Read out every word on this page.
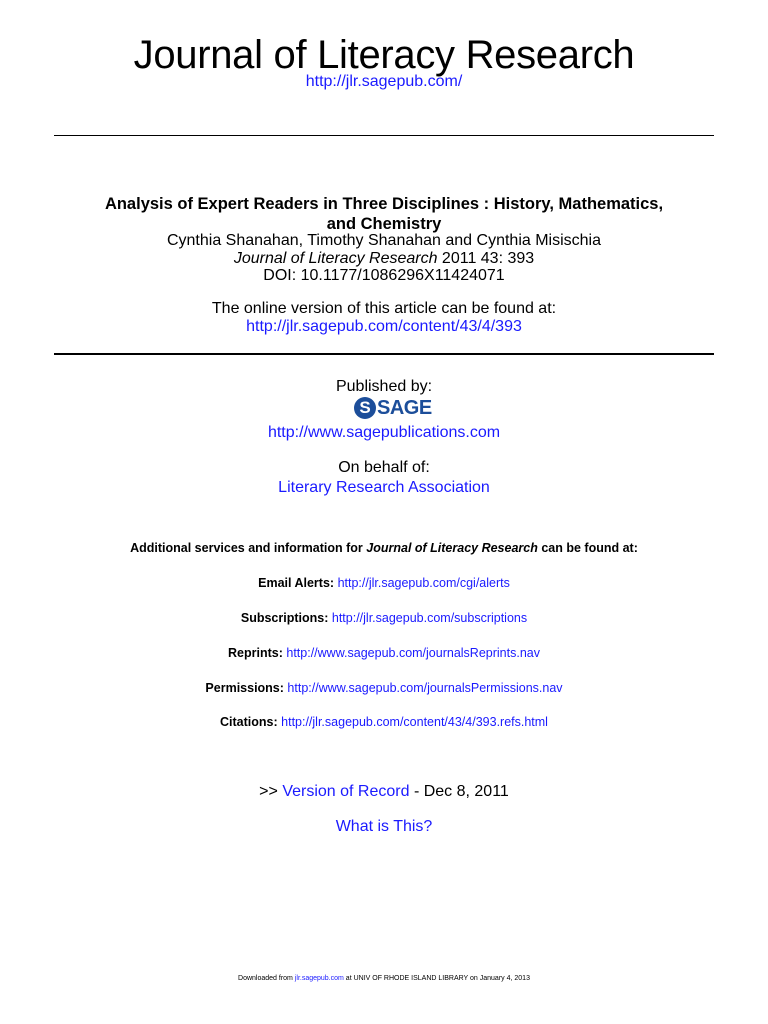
Journal of Literacy Research
http://jlr.sagepub.com/
Analysis of Expert Readers in Three Disciplines : History, Mathematics,
and Chemistry
Cynthia Shanahan, Timothy Shanahan and Cynthia Misischia
Journal of Literacy Research 2011 43: 393
DOI: 10.1177/1086296X11424071
The online version of this article can be found at:
http://jlr.sagepub.com/content/43/4/393
Published by:
S SAGE
http://www.sagepublications.com
On behalf of:
Literary Research Association
Additional services and information for Journal of Literacy Research can be found at:
Email Alerts: http://jlr.sagepub.com/cgi/alerts
Subscriptions: http://jlr.sagepub.com/subscriptions
Reprints: http://www.sagepub.com/journalsReprints.nav
Permissions: http://www.sagepub.com/journalsPermissions.nav
Citations: http://jlr.sagepub.com/content/43/4/393.refs.html
>> Version of Record - Dec 8, 2011
What is This?
Downloaded from jlr.sagepub.com at UNIV OF RHODE ISLAND LIBRARY on January 4, 2013
